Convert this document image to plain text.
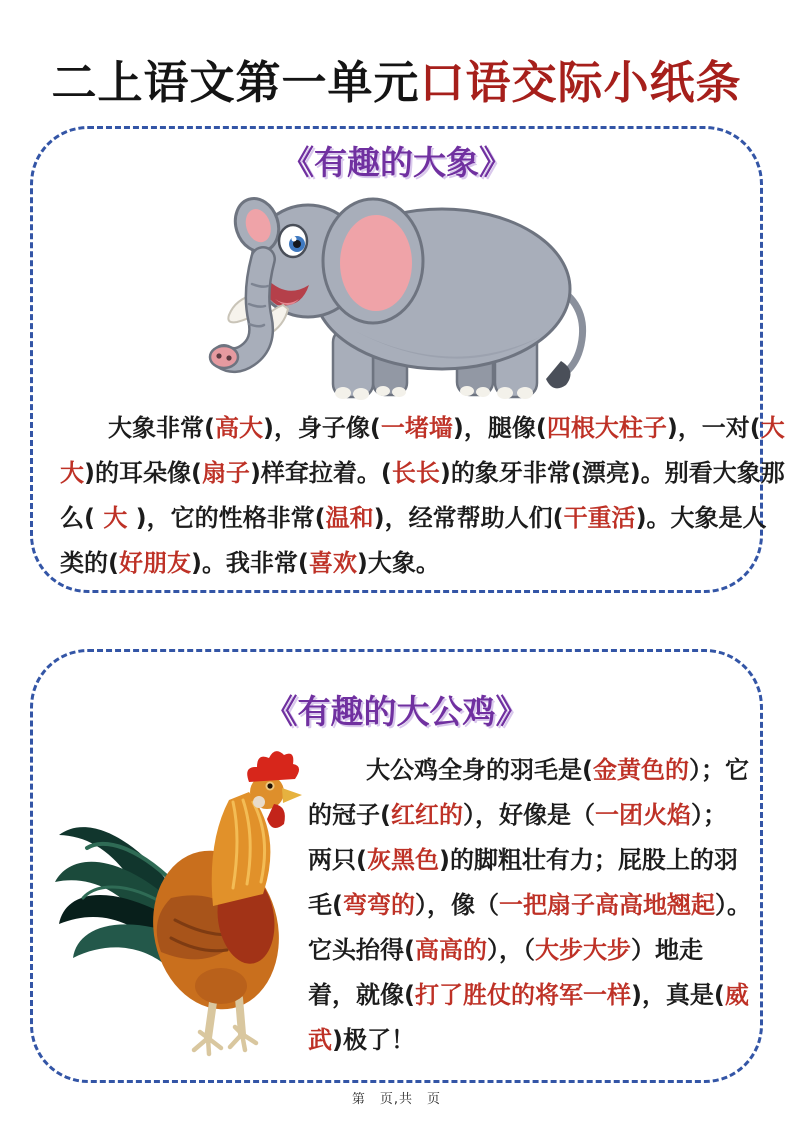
二上语文第一单元口语交际小纸条
《有趣的大象》
大象非常(高大)，身子像(一堵墙)，腿像(四根大柱子)，一对(大
大)的耳朵像(扇子)样耷拉着。(长长)的象牙非常(漂亮)。别看大象那
么( 大 )，它的性格非常(温和)，经常帮助人们(干重活)。大象是人
类的(好朋友)。我非常(喜欢)大象。
《有趣的大公鸡》
大公鸡全身的羽毛是(金黄色的）；它
的冠子(红红的），好像是（一团火焰）；
两只(灰黑色)的脚粗壮有力；屁股上的羽
毛(弯弯的），像（一把扇子高高地翘起）。
它头抬得(高高的），（大步大步）地走
着，就像(打了胜仗的将军一样)，真是(威
武)极了！
第　页,共　页
